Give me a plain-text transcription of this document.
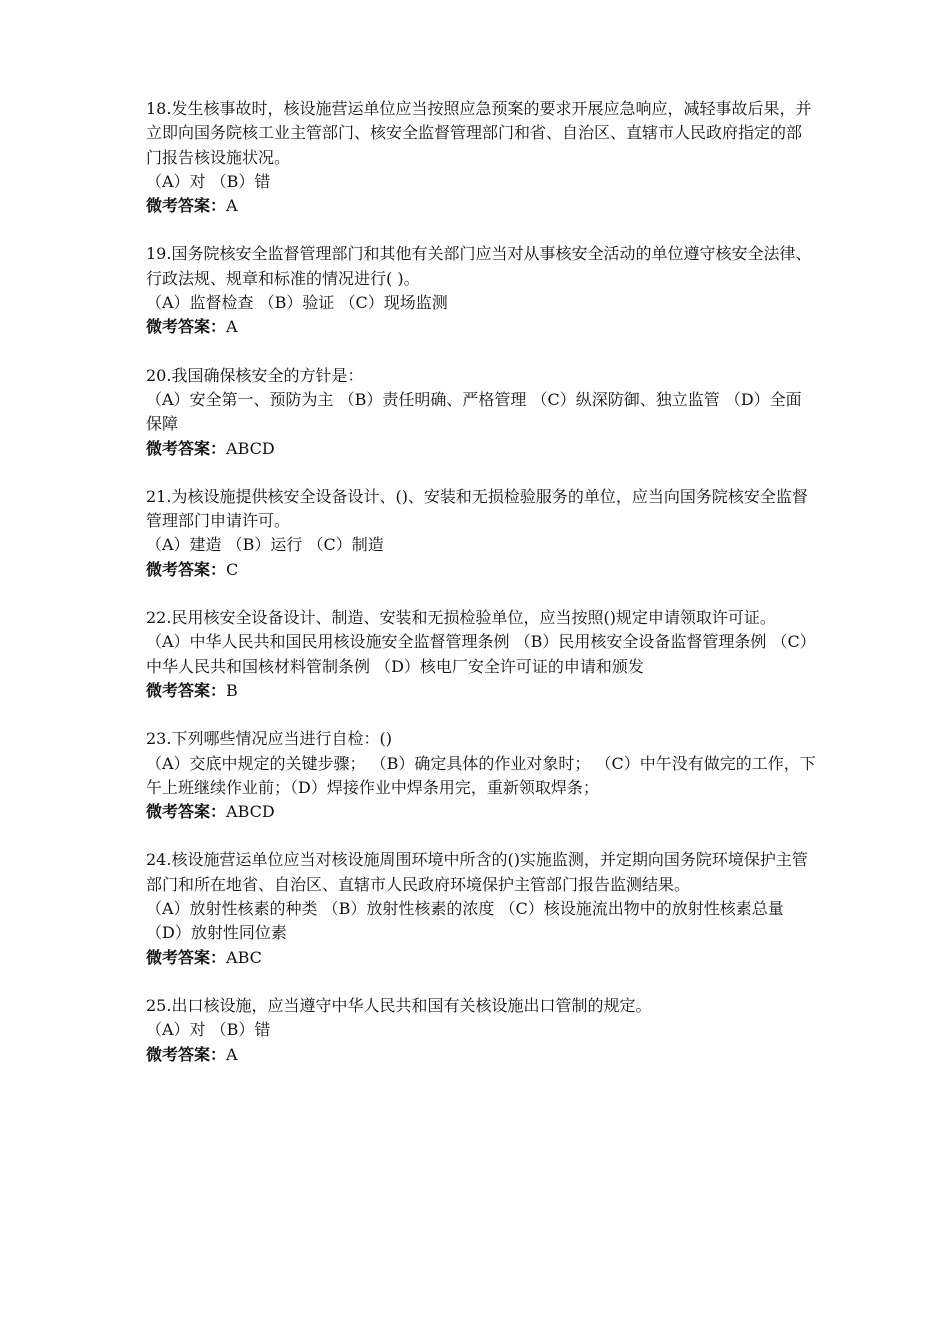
18.发生核事故时，核设施营运单位应当按照应急预案的要求开展应急响应，减轻事故后果，并立即向国务院核工业主管部门、核安全监督管理部门和省、自治区、直辖市人民政府指定的部门报告核设施状况。

（A）对 （B）错

微考答案：A

19.国务院核安全监督管理部门和其他有关部门应当对从事核安全活动的单位遵守核安全法律、行政法规、规章和标准的情况进行( )。

（A）监督检查 （B）验证 （C）现场监测

微考答案：A

20.我国确保核安全的方针是：

（A）安全第一、预防为主 （B）责任明确、严格管理 （C）纵深防御、独立监管 （D）全面保障

微考答案：ABCD

21.为核设施提供核安全设备设计、()、安装和无损检验服务的单位，应当向国务院核安全监督管理部门申请许可。

（A）建造 （B）运行 （C）制造

微考答案：C

22.民用核安全设备设计、制造、安装和无损检验单位，应当按照()规定申请领取许可证。

（A）中华人民共和国民用核设施安全监督管理条例 （B）民用核安全设备监督管理条例 （C）中华人民共和国核材料管制条例 （D）核电厂安全许可证的申请和颁发

微考答案：B

23.下列哪些情况应当进行自检：()

（A）交底中规定的关键步骤； （B）确定具体的作业对象时； （C）中午没有做完的工作，下午上班继续作业前；（D）焊接作业中焊条用完，重新领取焊条；

微考答案：ABCD

24.核设施营运单位应当对核设施周围环境中所含的()实施监测，并定期向国务院环境保护主管部门和所在地省、自治区、直辖市人民政府环境保护主管部门报告监测结果。

（A）放射性核素的种类 （B）放射性核素的浓度 （C）核设施流出物中的放射性核素总量 （D）放射性同位素

微考答案：ABC

25.出口核设施，应当遵守中华人民共和国有关核设施出口管制的规定。

（A）对 （B）错

微考答案：A
